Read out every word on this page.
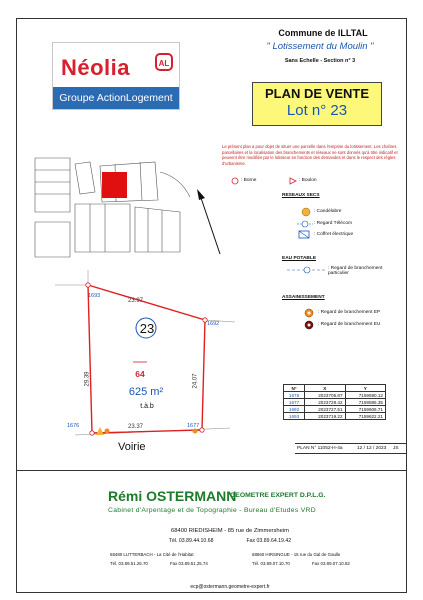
Néolia	AL
Groupe ActionLogement
Commune de ILLTAL
" Lotissement du Moulin "
Sans Echelle - Section n° 3
PLAN DE VENTE
Lot n° 23
Le présent plan a pour objet de situer une parcelle dans l'emprise du lotissement. Les chaînes parcellaires et la localisation des branchements et réseaux ne sont donnés qu'à titre indicatif et peuvent être modifiés par le lotisseur en fonction des demandes et dans le respect des règles d'urbanisme.
: Borne	: Boulon
RESEAUX SECS
: Candélabre
: Regard Télécom
: Coffret électrique
EAU POTABLE
: Regard de branchement particulier
ASSAINISSEMENT
: Regard de branchement EP
: Regard de branchement EU
23
64
625 m²
t.à.b
Voirie
23.97
29.39	24.07
23.37
1693
1692
1676	1677
N°	X	Y
1676	2023705.87	7159590.12
1677	2023728.42	7159585.35
1692	2023727.51	7159606.71
1693	2023719.22	7159622.21
PLAN N° 11052-H-4a	12 / 12 / 2023 JS
Rémi OSTERMANN
GEOMETRE EXPERT D.P.L.G.
Cabinet d'Arpentage et de Topographie - Bureau d'Etudes VRD
68400 RIEDISHEIM - 85 rue de Zimmersheim
Tél. 03.89.44.10.68	Fax 03.89.64.19.42
68480 LUTTERBACH - La Cité de l'Habitat
Tél. 03.89.51.26.70	Fax 03.89.51.25.74
68560 HIRSINGUE - 15 rue du Gal de Gaulle
Tél. 03.89.07.10.70	Fax 03.89.07.10.82
ecp@ostermann.geometre-expert.fr
